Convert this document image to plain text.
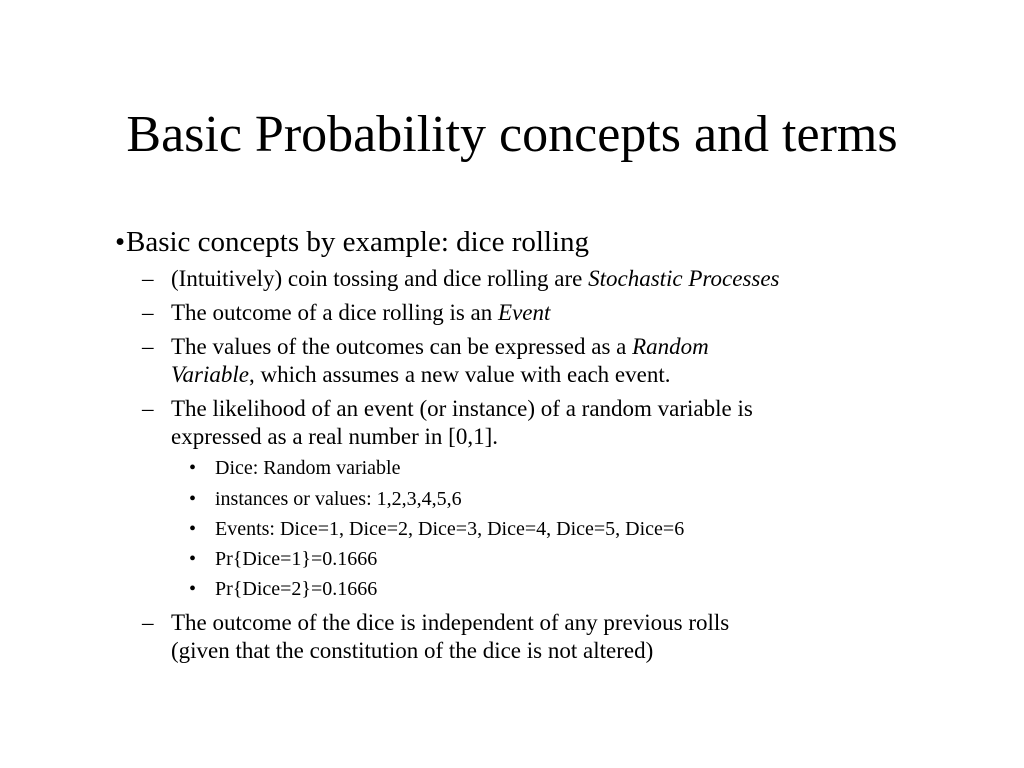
Basic Probability concepts and terms
• Basic concepts by example: dice rolling
– (Intuitively) coin tossing and dice rolling are Stochastic Processes
– The outcome of a dice rolling is an Event
– The values of the outcomes can be expressed as a Random
Variable, which assumes a new value with each event.
– The likelihood of an event (or instance) of a random variable is
expressed as a real number in [0,1].
• Dice: Random variable
• instances or values: 1,2,3,4,5,6
• Events: Dice=1, Dice=2, Dice=3, Dice=4, Dice=5, Dice=6
• Pr{Dice=1}=0.1666
• Pr{Dice=2}=0.1666
– The outcome of the dice is independent of any previous rolls
(given that the constitution of the dice is not altered)
